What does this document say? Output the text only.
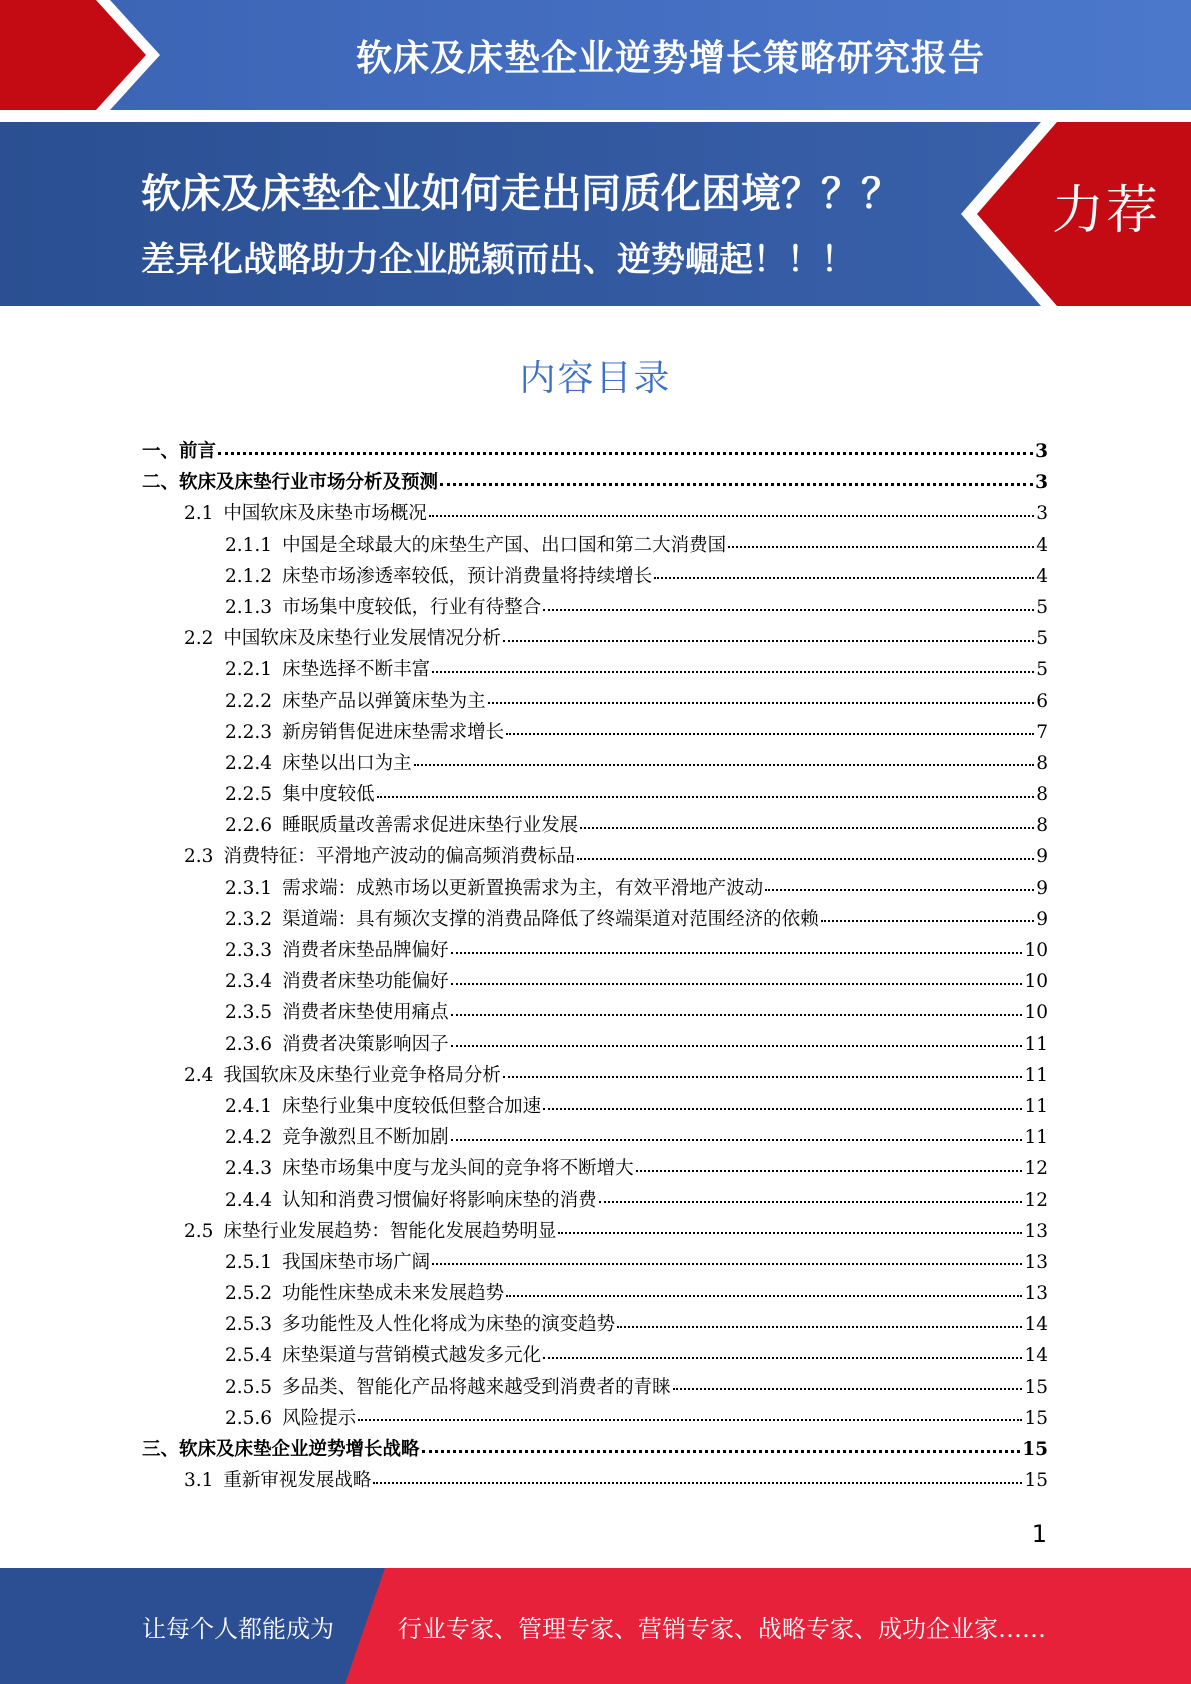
软床及床垫企业逆势增长策略研究报告
软床及床垫企业如何走出同质化困境？？？
差异化战略助力企业脱颖而出、逆势崛起！！！
力荐
内容目录
一、 前言	3
二、 软床及床垫行业市场分析及预测	3
2.1 中国软床及床垫市场概况	3
2.1.1 中国是全球最大的床垫生产国、出口国和第二大消费国	4
2.1.2 床垫市场渗透率较低，预计消费量将持续增长	4
2.1.3 市场集中度较低，行业有待整合	5
2.2 中国软床及床垫行业发展情况分析	5
2.2.1 床垫选择不断丰富	5
2.2.2 床垫产品以弹簧床垫为主	6
2.2.3 新房销售促进床垫需求增长	7
2.2.4 床垫以出口为主	8
2.2.5 集中度较低	8
2.2.6 睡眠质量改善需求促进床垫行业发展	8
2.3 消费特征：平滑地产波动的偏高频消费标品	9
2.3.1 需求端：成熟市场以更新置换需求为主，有效平滑地产波动	9
2.3.2 渠道端：具有频次支撑的消费品降低了终端渠道对范围经济的依赖	9
2.3.3 消费者床垫品牌偏好	10
2.3.4 消费者床垫功能偏好	10
2.3.5 消费者床垫使用痛点	10
2.3.6 消费者决策影响因子	11
2.4 我国软床及床垫行业竞争格局分析	11
2.4.1 床垫行业集中度较低但整合加速	11
2.4.2 竞争激烈且不断加剧	11
2.4.3 床垫市场集中度与龙头间的竞争将不断增大	12
2.4.4 认知和消费习惯偏好将影响床垫的消费	12
2.5 床垫行业发展趋势：智能化发展趋势明显	13
2.5.1 我国床垫市场广阔	13
2.5.2 功能性床垫成未来发展趋势	13
2.5.3 多功能性及人性化将成为床垫的演变趋势	14
2.5.4 床垫渠道与营销模式越发多元化	14
2.5.5 多品类、智能化产品将越来越受到消费者的青睐	15
2.5.6 风险提示	15
三、 软床及床垫企业逆势增长战略	15
3.1 重新审视发展战略	15
1
让每个人都能成为	行业专家、管理专家、营销专家、战略专家、成功企业家……
